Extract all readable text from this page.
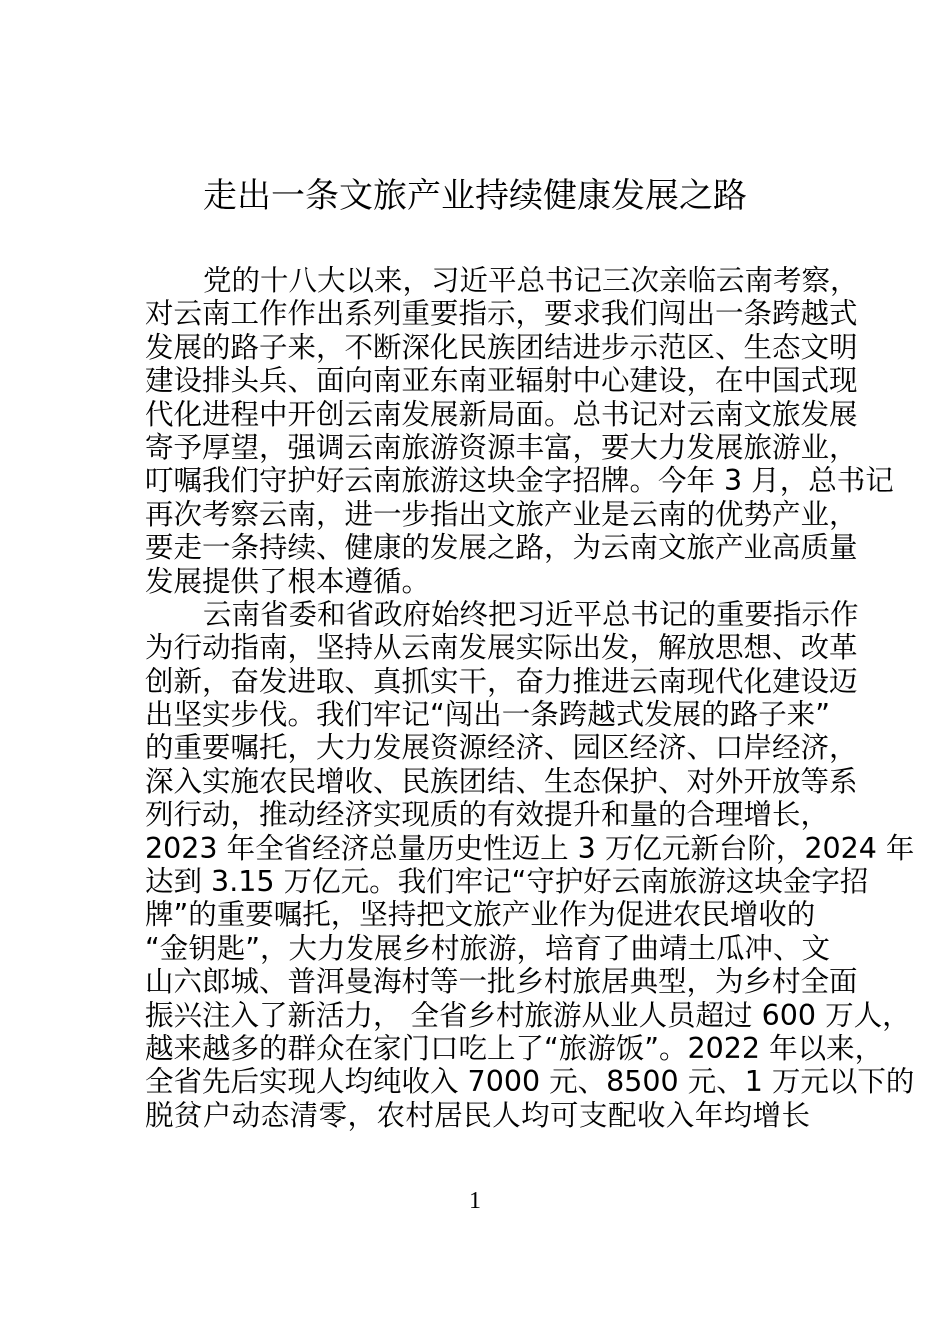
走出一条文旅产业持续健康发展之路
党的十八大以来，习近平总书记三次亲临云南考察，
对云南工作作出系列重要指示，要求我们闯出一条跨越式
发展的路子来，不断深化民族团结进步示范区、生态文明
建设排头兵、面向南亚东南亚辐射中心建设，在中国式现
代化进程中开创云南发展新局面。总书记对云南文旅发展
寄予厚望，强调云南旅游资源丰富，要大力发展旅游业，
叮嘱我们守护好云南旅游这块金字招牌。今年 3 月，总书记
再次考察云南，进一步指出文旅产业是云南的优势产业，
要走一条持续、健康的发展之路，为云南文旅产业高质量
发展提供了根本遵循。
云南省委和省政府始终把习近平总书记的重要指示作
为行动指南，坚持从云南发展实际出发，解放思想、改革
创新，奋发进取、真抓实干，奋力推进云南现代化建设迈
出坚实步伐。我们牢记“闯出一条跨越式发展的路子来”
的重要嘱托，大力发展资源经济、园区经济、口岸经济，
深入实施农民增收、民族团结、生态保护、对外开放等系
列行动，推动经济实现质的有效提升和量的合理增长，
2023 年全省经济总量历史性迈上 3 万亿元新台阶，2024 年
达到 3.15 万亿元。我们牢记“守护好云南旅游这块金字招
牌”的重要嘱托，坚持把文旅产业作为促进农民增收的
“金钥匙”，大力发展乡村旅游，培育了曲靖土瓜冲、文
山六郎城、普洱曼海村等一批乡村旅居典型，为乡村全面
振兴注入了新活力， 全省乡村旅游从业人员超过 600 万人，
越来越多的群众在家门口吃上了“旅游饭”。2022 年以来，
全省先后实现人均纯收入 7000 元、8500 元、1 万元以下的
脱贫户动态清零，农村居民人均可支配收入年均增长
1
